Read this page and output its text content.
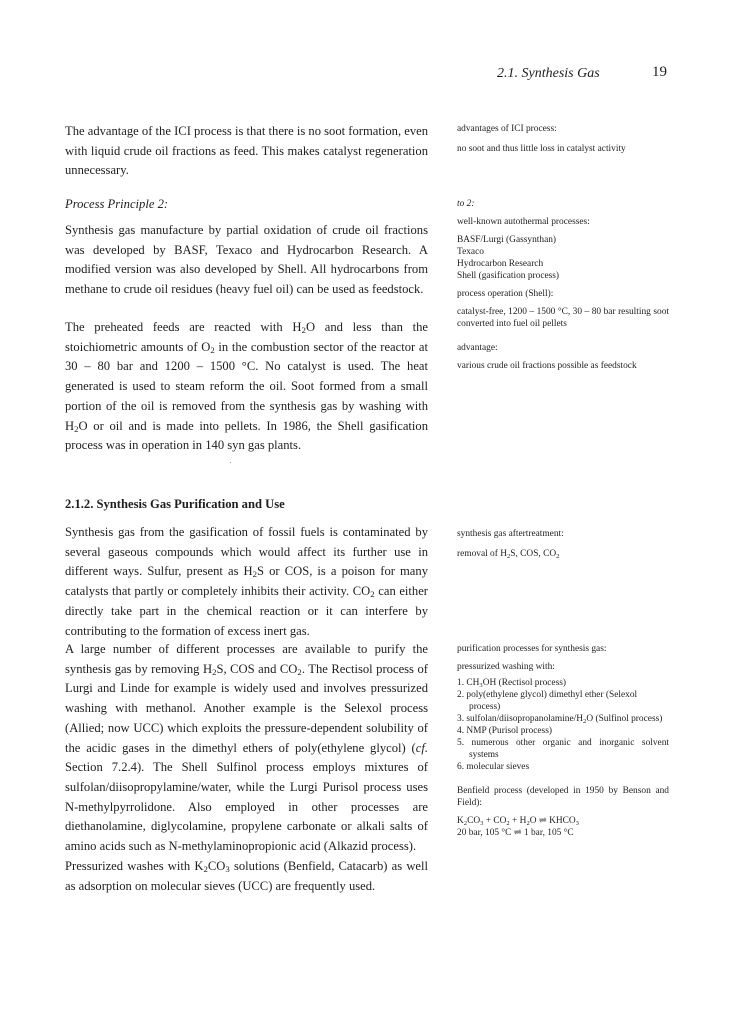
2.1. Synthesis Gas	19
The advantage of the ICI process is that there is no soot formation, even with liquid crude oil fractions as feed. This makes catalyst regeneration unnecessary.
Process Principle 2:
Synthesis gas manufacture by partial oxidation of crude oil fractions was developed by BASF, Texaco and Hydrocarbon Research. A modified version was also developed by Shell. All hydrocarbons from methane to crude oil residues (heavy fuel oil) can be used as feedstock.
The preheated feeds are reacted with $H_2O$ and less than the stoichiometric amounts of $O_2$ in the combustion sector of the reactor at 30 – 80 bar and 1200 – 1500 °C. No catalyst is used. The heat generated is used to steam reform the oil. Soot formed from a small portion of the oil is removed from the synthesis gas by washing with $H_2O$ or oil and is made into pellets. In 1986, the Shell gasification process was in operation in 140 syn gas plants.
2.1.2. Synthesis Gas Purification and Use
Synthesis gas from the gasification of fossil fuels is contaminated by several gaseous compounds which would affect its further use in different ways. Sulfur, present as $H_2S$ or COS, is a poison for many catalysts that partly or completely inhibits their activity. $CO_2$ can either directly take part in the chemical reaction or it can interfere by contributing to the formation of excess inert gas.
A large number of different processes are available to purify the synthesis gas by removing $H_2S$, COS and $CO_2$. The Rectisol process of Lurgi and Linde for example is widely used and involves pressurized washing with methanol. Another example is the Selexol process (Allied; now UCC) which exploits the pressure-dependent solubility of the acidic gases in the dimethyl ethers of poly(ethylene glycol) (cf. Section 7.2.4). The Shell Sulfinol process employs mixtures of sulfolan/diisopropylamine/water, while the Lurgi Purisol process uses N-methylpyrrolidone. Also employed in other processes are diethanolamine, diglycolamine, propylene carbonate or alkali salts of amino acids such as N-methylaminopropionic acid (Alkazid process).
Pressurized washes with $K_2CO_3$ solutions (Benfield, Catacarb) as well as adsorption on molecular sieves (UCC) are frequently used.

advantages of ICI process:

no soot and thus little loss in catalyst activity

to 2:

well-known autothermal processes:

BASF/Lurgi (Gassynthan)

Texaco

Hydrocarbon Research

Shell (gasification process)

process operation (Shell):

catalyst-free, 1200 – 1500 °C, 30 – 80 bar resulting soot converted into fuel oil pellets

advantage:

various crude oil fractions possible as feedstock

synthesis gas aftertreatment:

removal of $H_2S$, COS, $CO_2$

purification processes for synthesis gas:

pressurized washing with:

1. $CH_3OH$ (Rectisol process)
2. poly(ethylene glycol) dimethyl ether (Selexol process)
3. sulfolan/$diisopropanolamine/H_2O$ (Sulfinol process)
4. NMP (Purisol process)
5. numerous other organic and inorganic solvent systems
6. molecular sieves

Benfield process (developed in 1950 by Benson and Field):

$K_2CO_3 + CO_2 + H_2O$ ⇌ $KHCO_3$

20 bar, 105 °C ⇌ 1 bar, 105 °C
